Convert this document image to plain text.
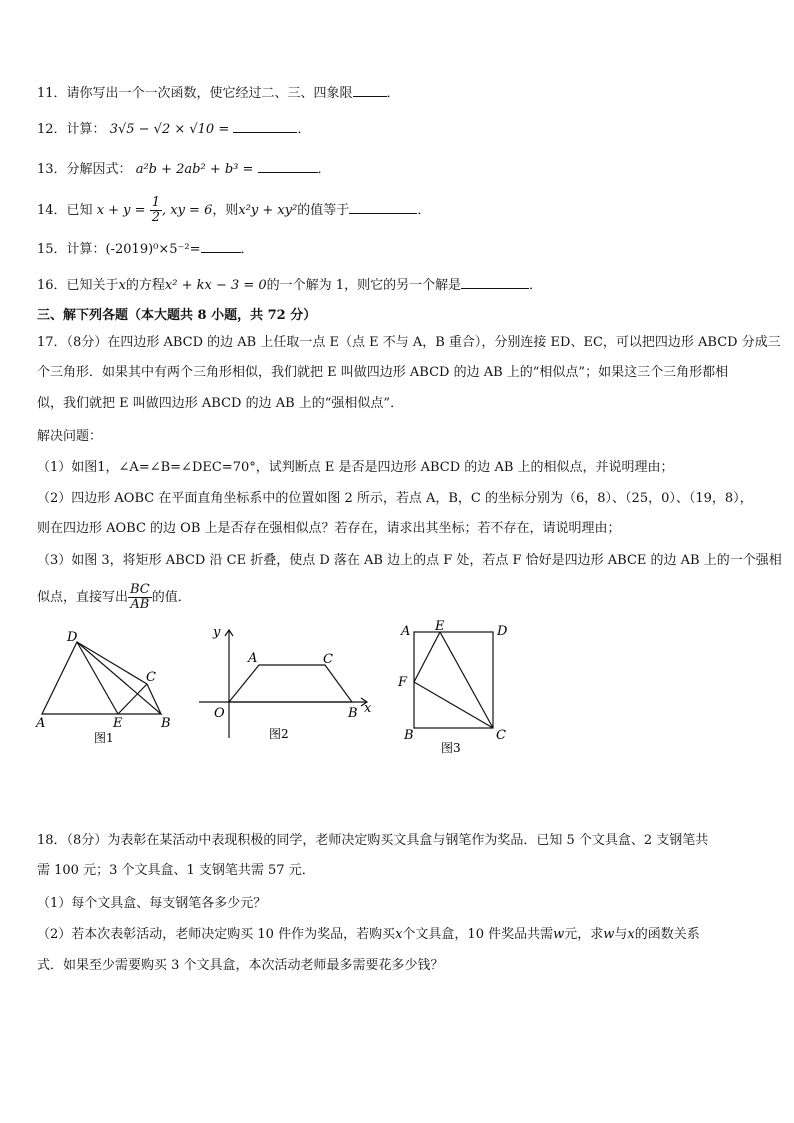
11．请你写出一个一次函数，使它经过二、三、四象限	．
12．计算： 3√5 − √2 × √10 =	．
13．分解因式： a²b + 2ab² + b³ =	．
14．已知 $x + y = \frac{1}{2}$ , xy = 6，则x²y + xy²的值等于	．
15．计算：(-2019)⁰×5⁻²=	．
16．已知关于x的方程x² + kx − 3 = 0的一个解为 1，则它的另一个解是	．
三、解下列各题（本大题共 8 小题，共 72 分）
17．（8分）在四边形 ABCD 的边 AB 上任取一点 E（点 E 不与 A，B 重合），分别连接 ED、EC，可以把四边形 ABCD 分成三
个三角形．如果其中有两个三角形相似，我们就把 E 叫做四边形 ABCD 的边 AB 上的“相似点”；如果这三个三角形都相
似，我们就把 E 叫做四边形 ABCD 的边 AB 上的“强相似点”．
解决问题：
（1）如图1，∠A=∠B=∠DEC=70°，试判断点 E 是否是四边形 ABCD 的边 AB 上的相似点，并说明理由；
（2）四边形 AOBC 在平面直角坐标系中的位置如图 2 所示，若点 A，B，C 的坐标分别为（6，8）、（25，0）、（19，8），
则在四边形 AOBC 的边 OB 上是否存在强相似点？若存在，请求出其坐标；若不存在，请说明理由；
（3）如图 3，将矩形 ABCD 沿 CE 折叠，使点 D 落在 AB 边上的点 F 处，若点 F 恰好是四边形 ABCE 的边 AB 上的一个强相
似点，直接写出 $\frac{BC}{AB}$ 的值．
D
C
A	E	B
图1
y
A	C
O	B x
图2
A E	D
F
B	C
图3
18．（8分）为表彰在某活动中表现积极的同学，老师决定购买文具盒与钢笔作为奖品．已知 5 个文具盒、2 支钢笔共
需 100 元；3 个文具盒、1 支钢笔共需 57 元．
（1）每个文具盒、每支钢笔各多少元？
（2）若本次表彰活动，老师决定购买 10 件作为奖品，若购买x个文具盒，10 件奖品共需w元，求w与x的函数关系
式．如果至少需要购买 3 个文具盒，本次活动老师最多需要花多少钱？
